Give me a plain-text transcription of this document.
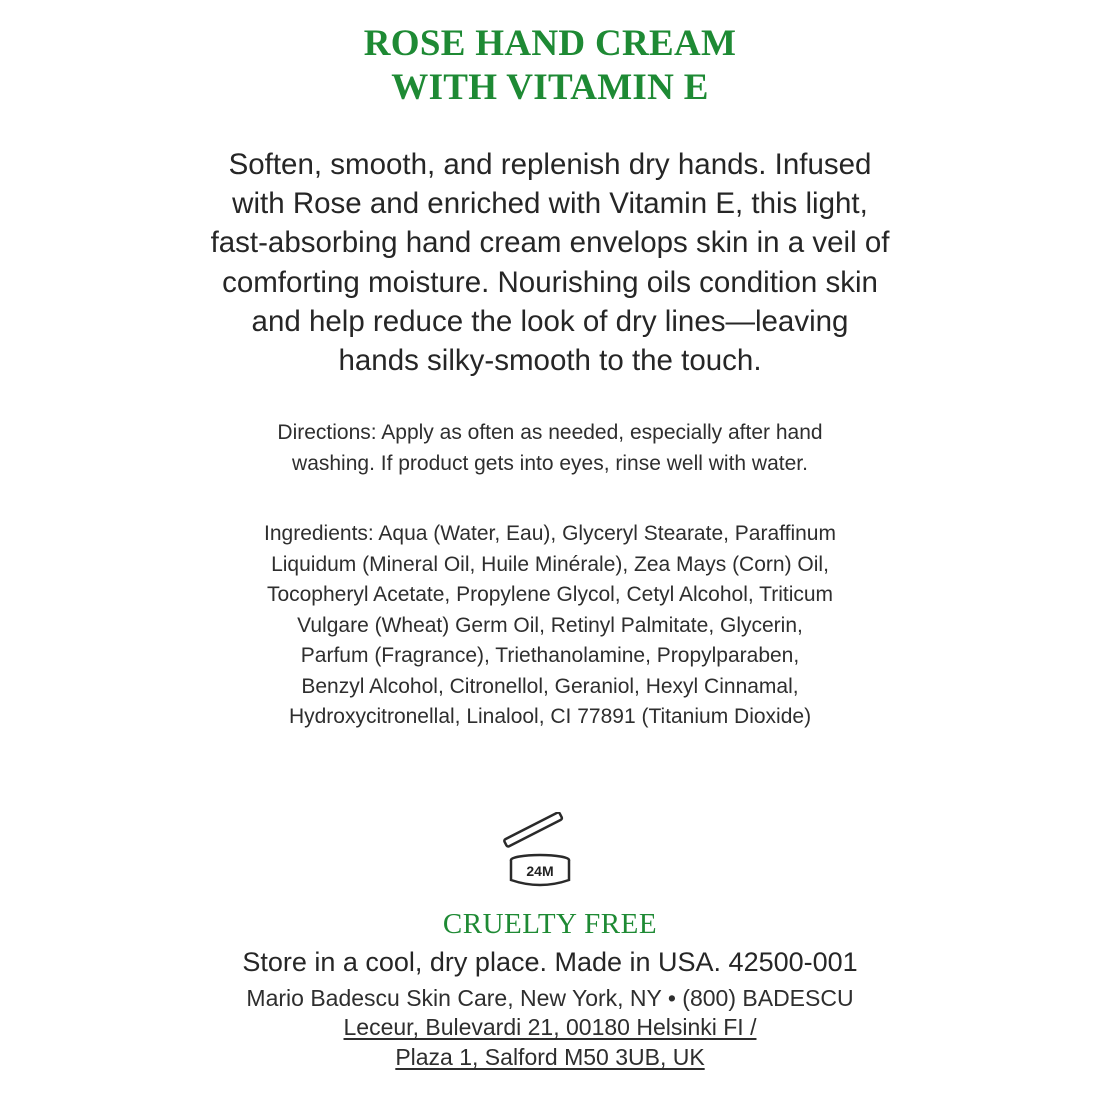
ROSE HAND CREAM
WITH VITAMIN E
Soften, smooth, and replenish dry hands. Infused
with Rose and enriched with Vitamin E, this light,
fast-absorbing hand cream envelops skin in a veil of
comforting moisture. Nourishing oils condition skin
and help reduce the look of dry lines—leaving
hands silky-smooth to the touch.
Directions: Apply as often as needed, especially after hand
washing. If product gets into eyes, rinse well with water.
Ingredients: Aqua (Water, Eau), Glyceryl Stearate, Paraffinum
Liquidum (Mineral Oil, Huile Minérale), Zea Mays (Corn) Oil,
Tocopheryl Acetate, Propylene Glycol, Cetyl Alcohol, Triticum
Vulgare (Wheat) Germ Oil, Retinyl Palmitate, Glycerin,
Parfum (Fragrance), Triethanolamine, Propylparaben,
Benzyl Alcohol, Citronellol, Geraniol, Hexyl Cinnamal,
Hydroxycitronellal, Linalool, CI 77891 (Titanium Dioxide)
24M
CRUELTY FREE
Store in a cool, dry place. Made in USA. 42500-001
Mario Badescu Skin Care, New York, NY • (800) BADESCU
Leceur, Bulevardi 21, 00180 Helsinki FI /
Plaza 1, Salford M50 3UB, UK
